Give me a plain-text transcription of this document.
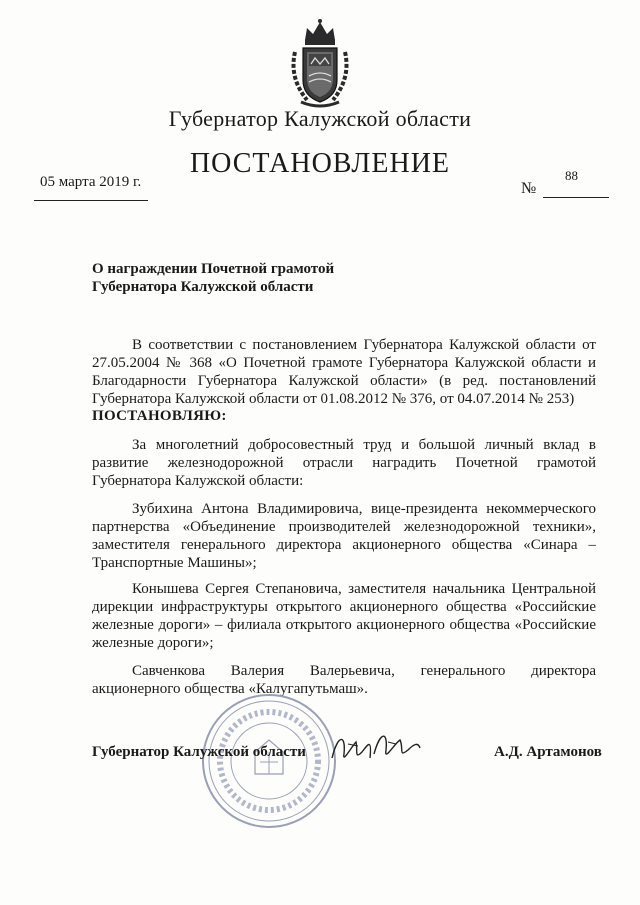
Губернатор Калужской области
ПОСТАНОВЛЕНИЕ
05 марта 2019 г.	№
88
О награждении Почетной грамотой
Губернатора Калужской области
В соответствии с постановлением Губернатора Калужской области от 27.05.2004 № 368 «О Почетной грамоте Губернатора Калужской области и Благодарности Губернатора Калужской области» (в ред. постановлений Губернатора Калужской области от 01.08.2012 № 376, от 04.07.2014 № 253)
ПОСТАНОВЛЯЮ:
За многолетний добросовестный труд и большой личный вклад в развитие железнодорожной отрасли наградить Почетной грамотой Губернатора Калужской области:
Зубихина Антона Владимировича, вице-президента некоммерческого партнерства «Объединение производителей железнодорожной техники», заместителя генерального директора акционерного общества «Синара – Транспортные Машины»;
Конышева Сергея Степановича, заместителя начальника Центральной дирекции инфраструктуры открытого акционерного общества «Российские железные дороги» – филиала открытого акционерного общества «Российские железные дороги»;
Савченкова Валерия Валерьевича, генерального директора акционерного общества «Калугапутьмаш».
Губернатор Калужской области	А.Д. Артамонов
